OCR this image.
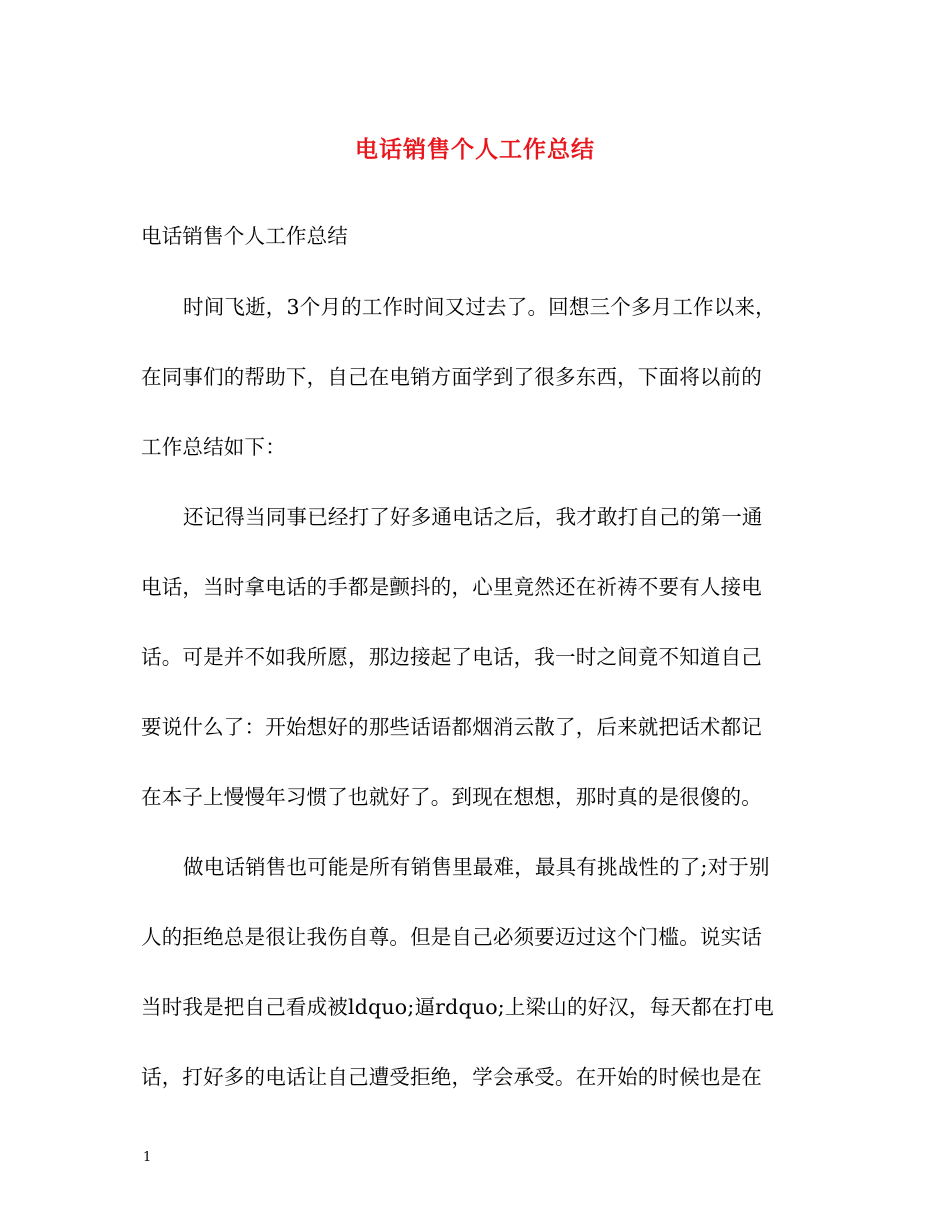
电话销售个人工作总结
电话销售个人工作总结
时间飞逝，3个月的工作时间又过去了。回想三个多月工作以来，
在同事们的帮助下，自己在电销方面学到了很多东西，下面将以前的
工作总结如下：
还记得当同事已经打了好多通电话之后，我才敢打自己的第一通
电话，当时拿电话的手都是颤抖的，心里竟然还在祈祷不要有人接电
话。可是并不如我所愿，那边接起了电话，我一时之间竟不知道自己
要说什么了：开始想好的那些话语都烟消云散了，后来就把话术都记
在本子上慢慢年习惯了也就好了。到现在想想，那时真的是很傻的。
做电话销售也可能是所有销售里最难，最具有挑战性的了;对于别
人的拒绝总是很让我伤自尊。但是自己必须要迈过这个门槛。说实话
当时我是把自己看成被ldquo;逼rdquo;上梁山的好汉，每天都在打电
话，打好多的电话让自己遭受拒绝，学会承受。在开始的时候也是在
1
